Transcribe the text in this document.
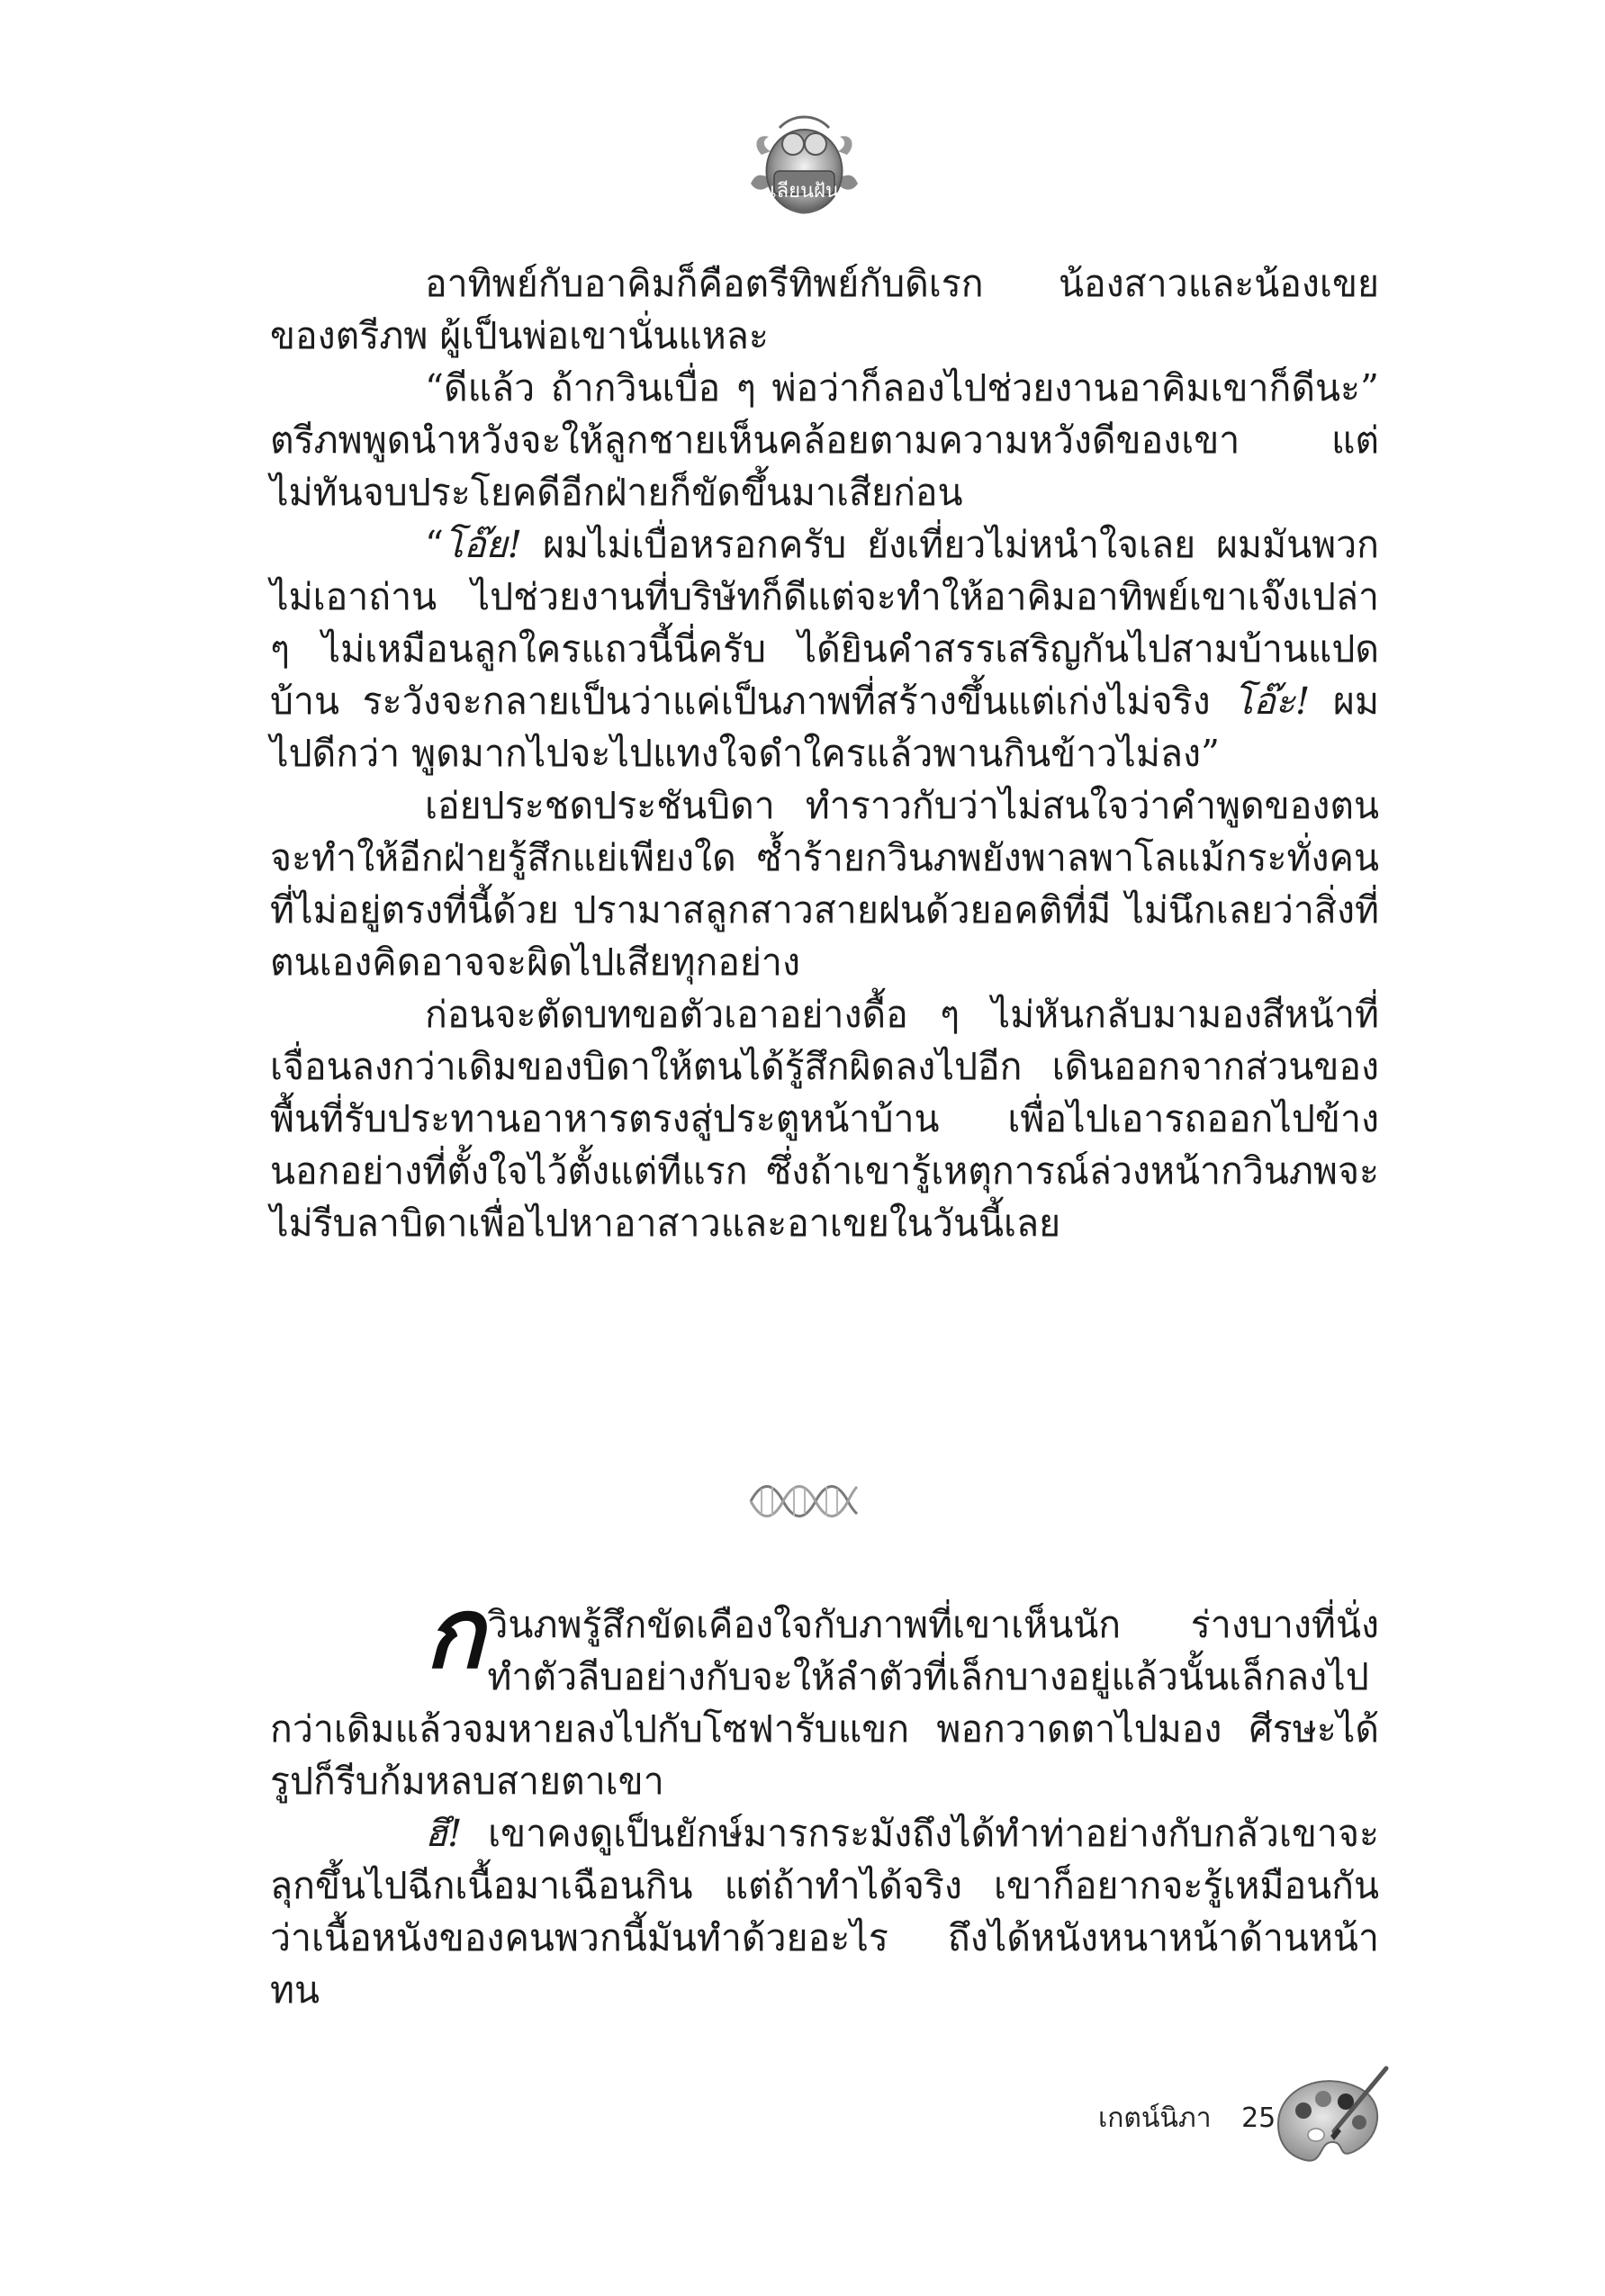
เลียนฝัน

อาทิพย์กับอาคิมก็คือตรีทิพย์กับดิเรก น้องสาวและน้องเขยของตรีภพ ผู้เป็นพ่อเขานั่นแหละ

“ดีแล้ว ถ้ากวินเบื่อ ๆ พ่อว่าก็ลองไปช่วยงานอาคิมเขาก็ดีนะ” ตรีภพพูดนำหวังจะให้ลูกชายเห็นคล้อยตามความหวังดีของเขา แต่ไม่ทันจบประโยคดีอีกฝ่ายก็ขัดขึ้นมาเสียก่อน

“โอ๊ย! ผมไม่เบื่อหรอกครับ ยังเที่ยวไม่หนำใจเลย ผมมันพวกไม่เอาถ่าน ไปช่วยงานที่บริษัทก็ดีแต่จะทำให้อาคิมอาทิพย์เขาเจ๊งเปล่า ๆ ไม่เหมือนลูกใครแถวนี้นี่ครับ ได้ยินคำสรรเสริญกันไปสามบ้านแปดบ้าน ระวังจะกลายเป็นว่าแค่เป็นภาพที่สร้างขึ้นแต่เก่งไม่จริง โอ๊ะ! ผมไปดีกว่า พูดมากไปจะไปแทงใจดำใครแล้วพานกินข้าวไม่ลง”

เอ่ยประชดประชันบิดา ทำราวกับว่าไม่สนใจว่าคำพูดของตนจะทำให้อีกฝ่ายรู้สึกแย่เพียงใด ซ้ำร้ายกวินภพยังพาลพาโลแม้กระทั่งคนที่ไม่อยู่ตรงที่นี้ด้วย ปรามาสลูกสาวสายฝนด้วยอคติที่มี ไม่นึกเลยว่าสิ่งที่ตนเองคิดอาจจะผิดไปเสียทุกอย่าง

ก่อนจะตัดบทขอตัวเอาอย่างดื้อ ๆ ไม่หันกลับมามองสีหน้าที่เจื่อนลงกว่าเดิมของบิดาให้ตนได้รู้สึกผิดลงไปอีก เดินออกจากส่วนของพื้นที่รับประทานอาหารตรงสู่ประตูหน้าบ้าน เพื่อไปเอารถออกไปข้างนอกอย่างที่ตั้งใจไว้ตั้งแต่ทีแรก ซึ่งถ้าเขารู้เหตุการณ์ล่วงหน้ากวินภพจะไม่รีบลาบิดาเพื่อไปหาอาสาวและอาเขยในวันนี้เลย

กวินภพรู้สึกขัดเคืองใจกับภาพที่เขาเห็นนัก ร่างบางที่นั่งทำตัวลีบอย่างกับจะให้ลำตัวที่เล็กบางอยู่แล้วนั้นเล็กลงไปกว่าเดิมแล้วจมหายลงไปกับโซฟารับแขก พอกวาดตาไปมอง ศีรษะได้รูปก็รีบก้มหลบสายตาเขา

ฮึ! เขาคงดูเป็นยักษ์มารกระมังถึงได้ทำท่าอย่างกับกลัวเขาจะลุกขึ้นไปฉีกเนื้อมาเฉือนกิน แต่ถ้าทำได้จริง เขาก็อยากจะรู้เหมือนกันว่าเนื้อหนังของคนพวกนี้มันทำด้วยอะไร ถึงได้หนังหนาหน้าด้านหน้าทน

เกตน์นิภา 25
